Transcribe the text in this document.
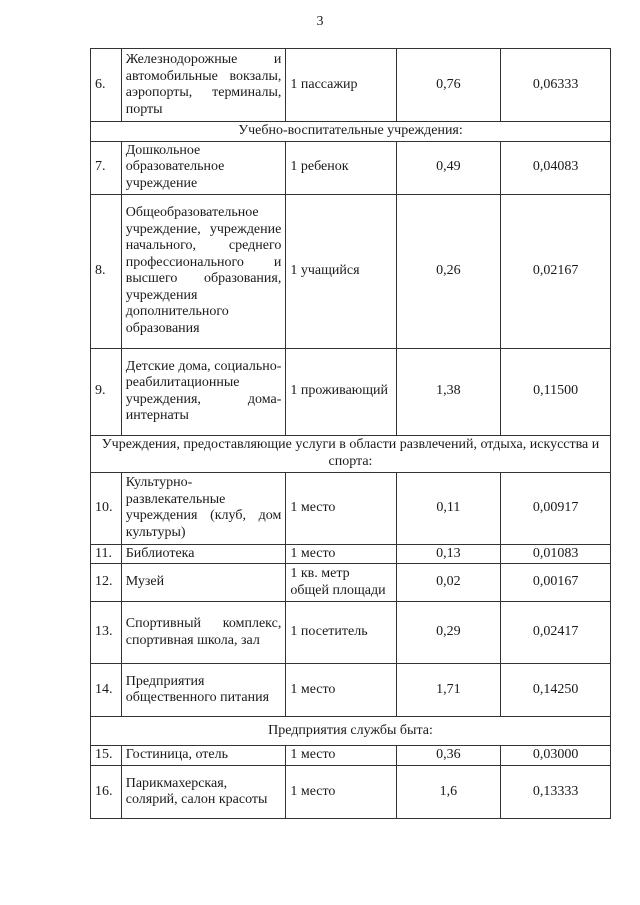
3
6.	Железнодорожные и автомобильные вокзалы, аэропорты, терминалы, порты	1 пассажир	0,76	0,06333
Учебно-воспитательные учреждения:				
7.	Дошкольное образовательное учреждение	1 ребенок	0,49	0,04083
8.	Общеобразовательное учреждение, учреждение начального, среднего профессионального и высшего образования, учреждения дополнительного образования	1 учащийся	0,26	0,02167
9.	Детские дома, социально-реабилитационные учреждения, дома-интернаты	1 проживающий	1,38	0,11500
Учреждения, предоставляющие услуги в области развлечений, отдыха, искусства и спорта:				
10.	Культурно-развлекательные учреждения (клуб, дом культуры)	1 место	0,11	0,00917
11.	Библиотека	1 место	0,13	0,01083
12.	Музей	1 кв. метр общей площади	0,02	0,00167
13.	Спортивный комплекс, спортивная школа, зал	1 посетитель	0,29	0,02417
14.	Предприятия общественного питания	1 место	1,71	0,14250
Предприятия службы быта:				
15.	Гостиница, отель	1 место	0,36	0,03000
16.	Парикмахерская, солярий, салон красоты	1 место	1,6	0,13333
